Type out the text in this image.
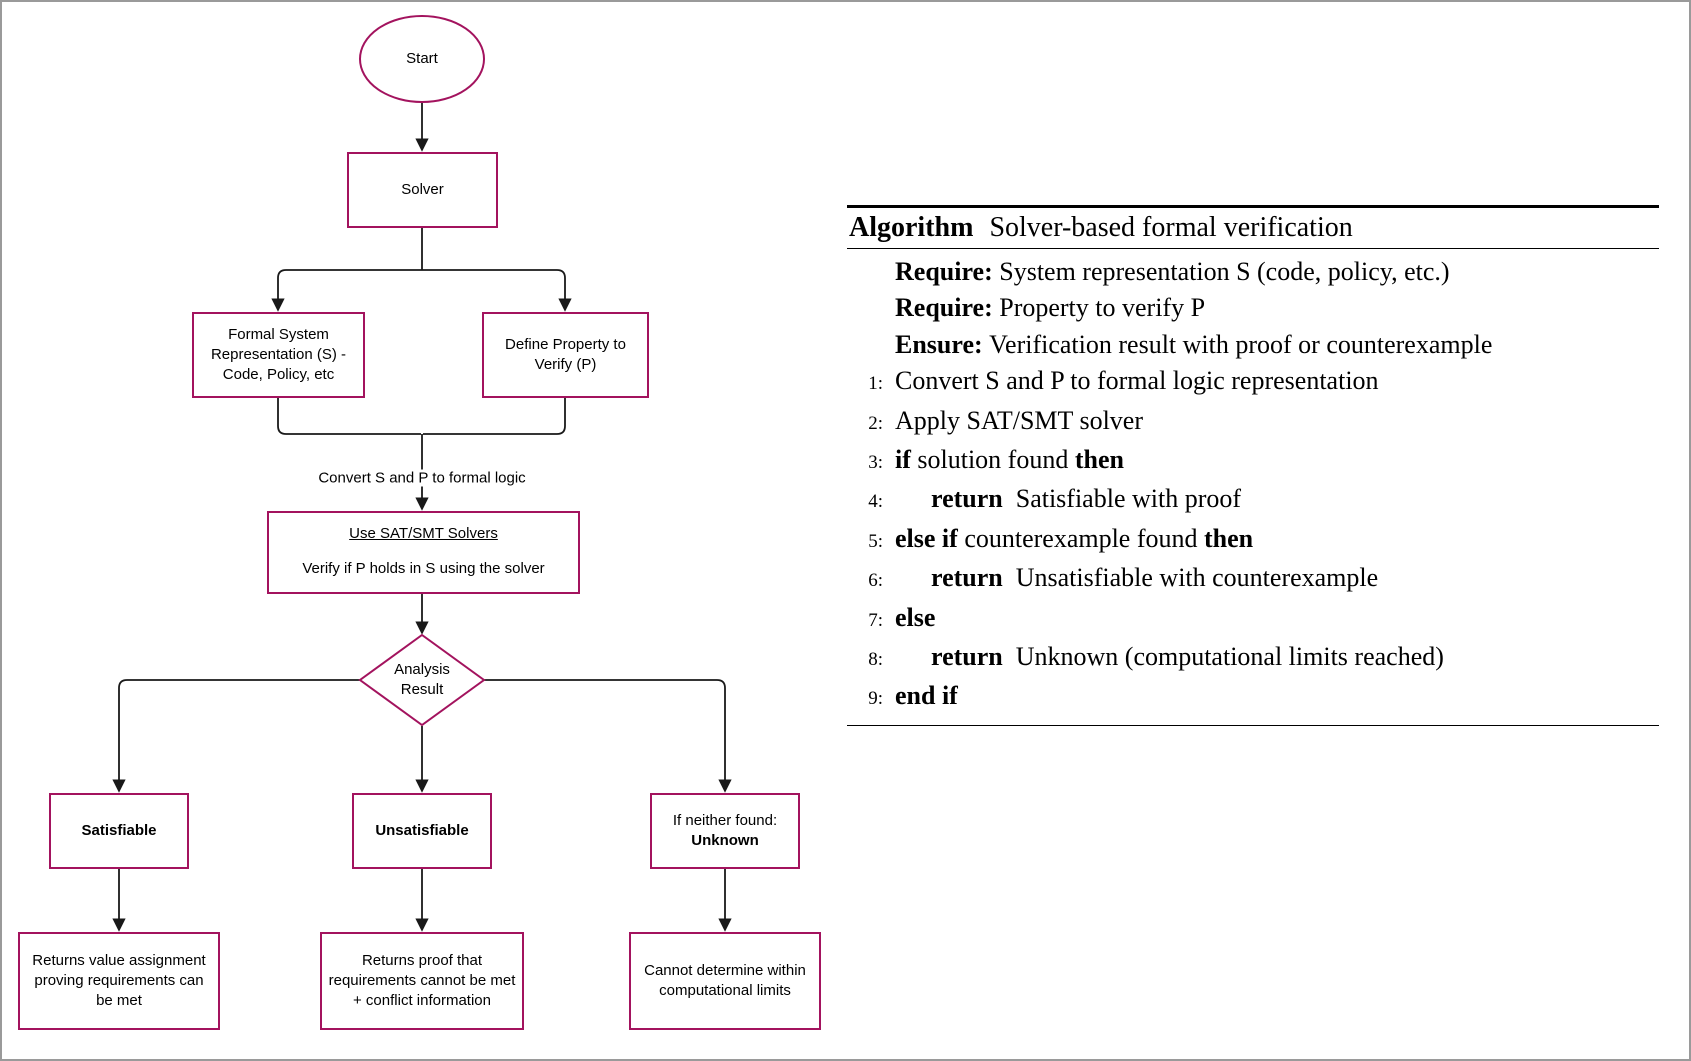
Start
Solver
Formal System Representation (S) - Code, Policy, etc
Define Property to Verify (P)
Convert S and P to formal logic
Use SAT/SMT Solvers
Verify if P holds in S using the solver
Analysis
Result
Satisfiable	Unsatisfiable
If neither found:
Unknown
Returns value assignment proving requirements can be met
Returns proof that requirements cannot be met + conflict information
Cannot determine within computational limits
Algorithm Solver-based formal verification
Require: System representation S (code, policy, etc.)
Require: Property to verify P
Ensure: Verification result with proof or counterexample
1: Convert S and P to formal logic representation
2: Apply SAT/SMT solver
3: if solution found then
4: return  Satisfiable with proof
5: else if counterexample found then
6: return  Unsatisfiable with counterexample
7: else
8: return  Unknown (computational limits reached)
9: end if
